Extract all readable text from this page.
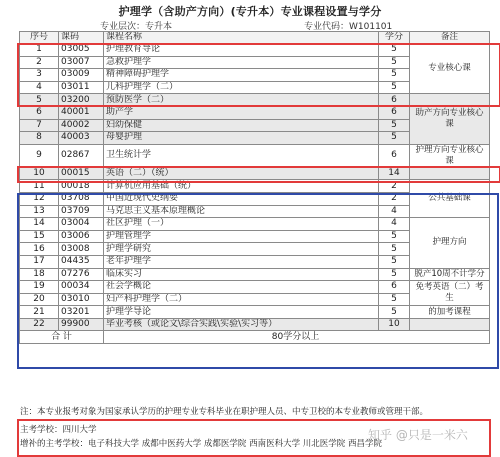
护理学（含助产方向）(专升本）专业课程设置与学分
专业层次：专升本	专业代码：W101101
序号	课码	课程名称	学分	备注
1	03005	护理教育导论	5	专业核心课
2	03007	急救护理学	5	
3	03009	精神障碍护理学	5	
4	03011	儿科护理学（二）	5	
5	03200	预防医学（二）	6	助产方向专业核心课
6	40001	助产学	6	
7	40002	妇幼保健	5	
8	40003	母婴护理	5	
9	02867	卫生统计学	6	护理方向专业核心课
10	00015	英语（二）（统）	14	
11	00018	计算机应用基础（统）	2	公共基础课
12	03708	中国近现代史纲要	2	
13	03709	马克思主义基本原理概论	4	
14	03004	社区护理（一）	4	护理方向
15	03006	护理管理学	5	
16	03008	护理学研究	5	
17	04435	老年护理学	5	
18	07276	临床实习	5	脱产10周不计学分
19	00034	社会学概论	6	免考英语（二）考生
20	03010	妇产科护理学（二）	5	
21	03201	护理学导论	5	的加考课程
22	99900	毕业考核（或论文\综合实践\实验\实习等）	10	
合 计		80学分以上		
注：本专业报考对象为国家承认学历的护理专业专科毕业在职护理人员、中专卫校的本专业教师或管理干部。
主考学校：四川大学
增补的主考学校：电子科技大学 成都中医药大学 成都医学院 西南医科大学 川北医学院 西昌学院
知乎 @只是一米六
